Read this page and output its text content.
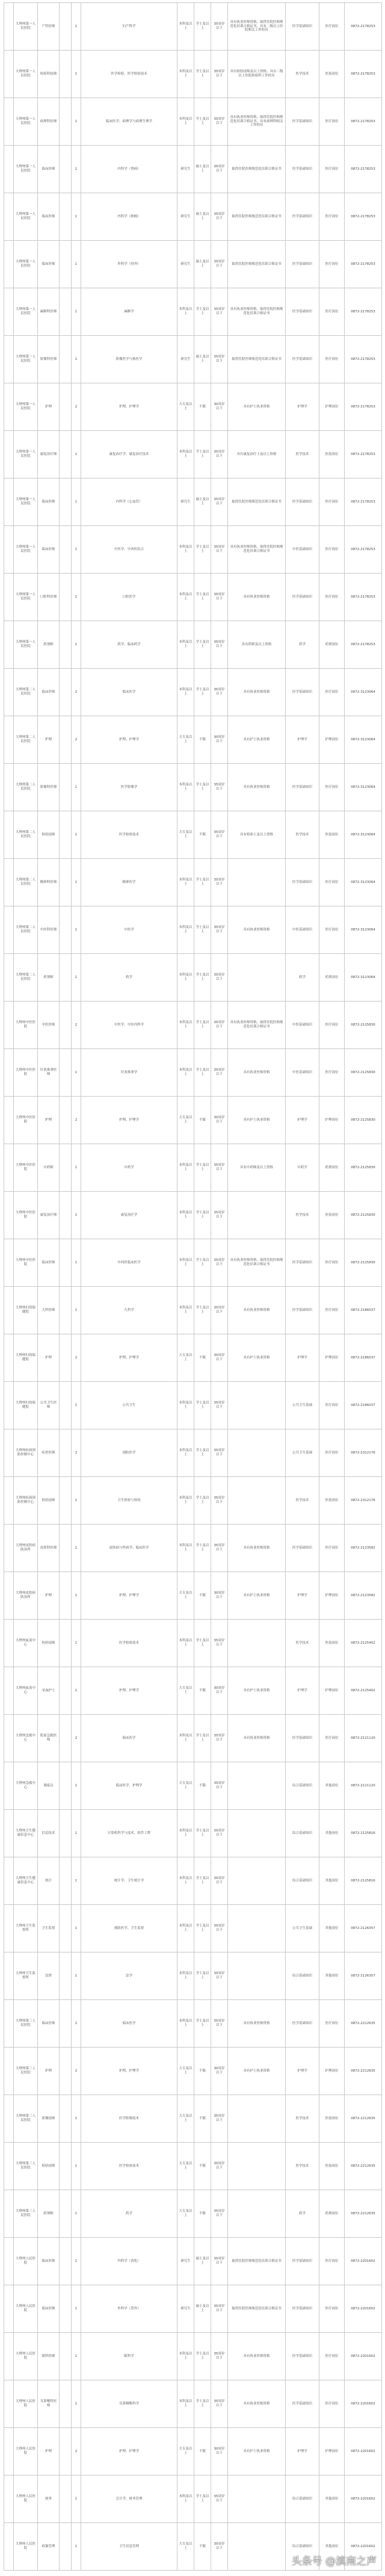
	大理州第一人民医院	产科医师		1	妇产科学	本科及以上	学士及以上	35周岁以下	具有执业医师资格，取得住院医师规范化培训合格证书，具有二级以上医院相关工作经历	医学基础知识	医疗岗位	0872-2178253
	大理州第一人民医院	检验科技师		1	医学检验、医学检验技术	本科及以上	学士及以上	35周岁以下	具有检验技师及以上资格，具有二级以上医院检验科工作经历	医学技术	医技岗位	0872-2178253
	大理州第一人民医院	病理科医师		1	临床医学、病理学与病理生理学	本科及以上	学士及以上	35周岁以下	具有执业医师资格，取得住院医师规范化培训合格证书，具有病理科相关工作经历	医学基础知识	医疗岗位	0872-2178253
	大理州第一人民医院	临床医师		1	内科学（肾病）	研究生	硕士及以上	35周岁以下	取得住院医师规范化培训合格证书	医学基础知识	医疗岗位	0872-2178253
	大理州第一人民医院	临床医师		1	内科学（肿瘤）	研究生	硕士及以上	35周岁以下	取得住院医师规范化培训合格证书	医学基础知识	医疗岗位	0872-2178253
	大理州第一人民医院	临床医师		1	外科学（骨外）	研究生	硕士及以上	35周岁以下	取得住院医师规范化培训合格证书	医学基础知识	医疗岗位	0872-2178253
	大理州第一人民医院	麻醉科医师		1	麻醉学	本科及以上	学士及以上	35周岁以下	具有执业医师资格，取得住院医师规范化培训合格证书	医学基础知识	医疗岗位	0872-2178253
	大理州第一人民医院	影像科医师		1	影像医学与核医学	研究生	硕士及以上	35周岁以下	取得住院医师规范化培训合格证书	医学基础知识	医疗岗位	0872-2178253
	大理州第一人民医院	护理		2	护理、护理学	大专及以上	不限	30周岁以下	具有护士执业资格	护理学	护理岗位	0872-2178253
	大理州第一人民医院	康复治疗师		1	康复治疗学、康复治疗技术	本科及以上	学士及以上	35周岁以下	具有康复治疗士及以上资格	医学技术	医技岗位	0872-2178253
	大理州第一人民医院	临床医师		1	内科学（心血管）	研究生	硕士及以上	35周岁以下	取得住院医师规范化培训合格证书	医学基础知识	医疗岗位	0872-2178253
	大理州第一人民医院	临床医师		1	中医学、中西医结合	本科及以上	学士及以上	35周岁以下	具有执业医师资格，取得住院医师规范化培训合格证书	中医基础知识	医疗岗位	0872-2178253
	大理州第一人民医院	口腔科医师		1	口腔医学	本科及以上	学士及以上	35周岁以下	具有执业医师资格	医学基础知识	医疗岗位	0872-2178253
	大理州第一人民医院	药剂师		1	药学、临床药学	本科及以上	学士及以上	35周岁以下	具有药师及以上资格	药学	药剂岗位	0872-2178253
	大理州第二人民医院	临床医师		2	临床医学	本科及以上	学士及以上	35周岁以下	具有执业医师资格	医学基础知识	医疗岗位	0872-3123064
	大理州第二人民医院	护理		2	护理、护理学	大专及以上	不限	30周岁以下	具有护士执业资格	护理学	护理岗位	0872-3123064
	大理州第二人民医院	影像科医师		1	医学影像学	本科及以上	学士及以上	35周岁以下	具有执业医师资格	医学基础知识	医疗岗位	0872-3123064
	大理州第二人民医院	检验技师		1	医学检验技术	大专及以上	不限	35周岁以下	具有检验士及以上资格	医学技术	医技岗位	0872-3123064
	大理州第二人民医院	精神科医师		1	精神医学	本科及以上	学士及以上	35周岁以下		医学基础知识	医疗岗位	0872-3123064
	大理州第二人民医院	中医科医师		1	中医学	本科及以上	学士及以上	35周岁以下	具有执业医师资格	中医基础知识	医疗岗位	0872-3123064
	大理州第二人民医院	药剂师		1	药学	本科及以上	学士及以上	35周岁以下		药学	药剂岗位	0872-3123064
	大理州中医医院	中医医师		2	中医学、中医内科学	本科及以上	学士及以上	35周岁以下	具有执业医师资格，取得住院医师规范化培训合格证书	中医基础知识	医疗岗位	0872-2125830
	大理州中医医院	针灸推拿医师		1	针灸推拿学	本科及以上	学士及以上	35周岁以下	具有执业医师资格	中医基础知识	医疗岗位	0872-2125830
	大理州中医医院	护理		2	护理、护理学	大专及以上	不限	30周岁以下	具有护士执业资格	护理学	护理岗位	0872-2125830
	大理州中医医院	中药师		1	中药学	本科及以上	学士及以上	35周岁以下	具有中药师及以上资格	中药学	药剂岗位	0872-2125830
	大理州中医医院	康复治疗师		1	康复治疗学	本科及以上	学士及以上	35周岁以下		医学技术	医技岗位	0872-2125830
	大理州中医医院	临床医师		1	中西医临床医学	本科及以上	学士及以上	35周岁以下	具有执业医师资格，取得住院医师规范化培训合格证书	医学基础知识	医疗岗位	0872-2125830
	大理州妇幼保健院	儿科医师		1	儿科学	本科及以上	学士及以上	35周岁以下	具有执业医师资格	医学基础知识	医疗岗位	0872-2186037
	大理州妇幼保健院	护理		2	护理、护理学	大专及以上	不限	30周岁以下	具有护士执业资格	护理学	护理岗位	0872-2186037
	大理州妇幼保健院	公共卫生医师		1	公共卫生	本科及以上	学士及以上	35周岁以下		公共卫生基础	医疗岗位	0872-2186037
	大理州疾病预防控制中心	疾控医师		2	预防医学	本科及以上	学士及以上	35周岁以下		公共卫生基础	医疗岗位	0872-2312176
	大理州疾病预防控制中心	检验技师		1	卫生检验与检疫	本科及以上	学士及以上	35周岁以下		医学技术	医技岗位	0872-2312176
	大理州皮肤病防治所	皮肤科医师		1	皮肤病与性病学、临床医学	本科及以上	学士及以上	35周岁以下	具有执业医师资格	医学基础知识	医疗岗位	0872-2123582
	大理州皮肤病防治所	护理		1	护理、护理学	大专及以上	不限	30周岁以下	具有护士执业资格	护理学	护理岗位	0872-2123582
	大理州血液中心	检验技师		1	医学检验技术	本科及以上	学士及以上	35周岁以下		医学技术	医技岗位	0872-2125402
	大理州血液中心	采血护士		1	护理、护理学	大专及以上	不限	30周岁以下	具有护士执业资格	护理学	护理岗位	0872-2125402
	大理州急救中心	院前急救医师		2	临床医学	本科及以上	学士及以上	35周岁以下	具有执业医师资格	医学基础知识	医疗岗位	0872-2121120
	大理州急救中心	调度员		1	临床医学、护理学	大专及以上	不限	35周岁以下		综合基础知识	其他岗位	0872-2121120
	大理州卫生健康信息中心	信息技术		1	计算机科学与技术、软件工程	本科及以上	学士及以上	35周岁以下		综合基础知识	其他岗位	0872-2125816
	大理州卫生健康信息中心	统计		1	统计学、卫生统计学	本科及以上	学士及以上	35周岁以下		综合基础知识	其他岗位	0872-2125816
	大理州卫生监督所	卫生监督		1	预防医学、卫生监督	本科及以上	学士及以上	35周岁以下		公共卫生基础	其他岗位	0872-2126357
	大理州卫生监督所	法律		1	法学	本科及以上	学士及以上	35周岁以下		综合基础知识	其他岗位	0872-2126357
	大理州第三人民医院	临床医师		2	临床医学	本科及以上	学士及以上	35周岁以下	具有执业医师资格	医学基础知识	医疗岗位	0872-2212635
	大理州第三人民医院	护理		2	护理、护理学	大专及以上	不限	30周岁以下	具有护士执业资格	护理学	护理岗位	0872-2212635
	大理州第三人民医院	影像技师		1	医学影像技术	大专及以上	不限	35周岁以下		医学技术	医技岗位	0872-2212635
	大理州第三人民医院	检验技师		1	医学检验技术	大专及以上	不限	35周岁以下		医学技术	医技岗位	0872-2212635
	大理州第三人民医院	药剂师		1	药学	大专及以上	不限	35周岁以下		药学	药剂岗位	0872-2212635
	大理州人民医院	临床医师		1	内科学（消化）	研究生	硕士及以上	35周岁以下	取得住院医师规范化培训合格证书	医学基础知识	医疗岗位	0872-2201602
	大理州人民医院	临床医师		1	外科学（普外）	研究生	硕士及以上	35周岁以下	取得住院医师规范化培训合格证书	医学基础知识	医疗岗位	0872-2201602
	大理州人民医院	眼科医师		1	眼科学	本科及以上	学士及以上	35周岁以下	具有执业医师资格	医学基础知识	医疗岗位	0872-2201602
	大理州人民医院	耳鼻喉科医师		1	耳鼻咽喉科学	本科及以上	学士及以上	35周岁以下	具有执业医师资格	医学基础知识	医疗岗位	0872-2201602
	大理州人民医院	护理		2	护理、护理学	大专及以上	不限	30周岁以下	具有护士执业资格	护理学	护理岗位	0872-2201602
	大理州人民医院	财务		1	会计学、财务管理	本科及以上	学士及以上	35周岁以下		综合基础知识	其他岗位	0872-2201602
	大理州人民医院	病案管理		1	卫生信息管理	大专及以上	不限	35周岁以下		综合基础知识	其他岗位	0872-2201602
头条号 @滇南之声
